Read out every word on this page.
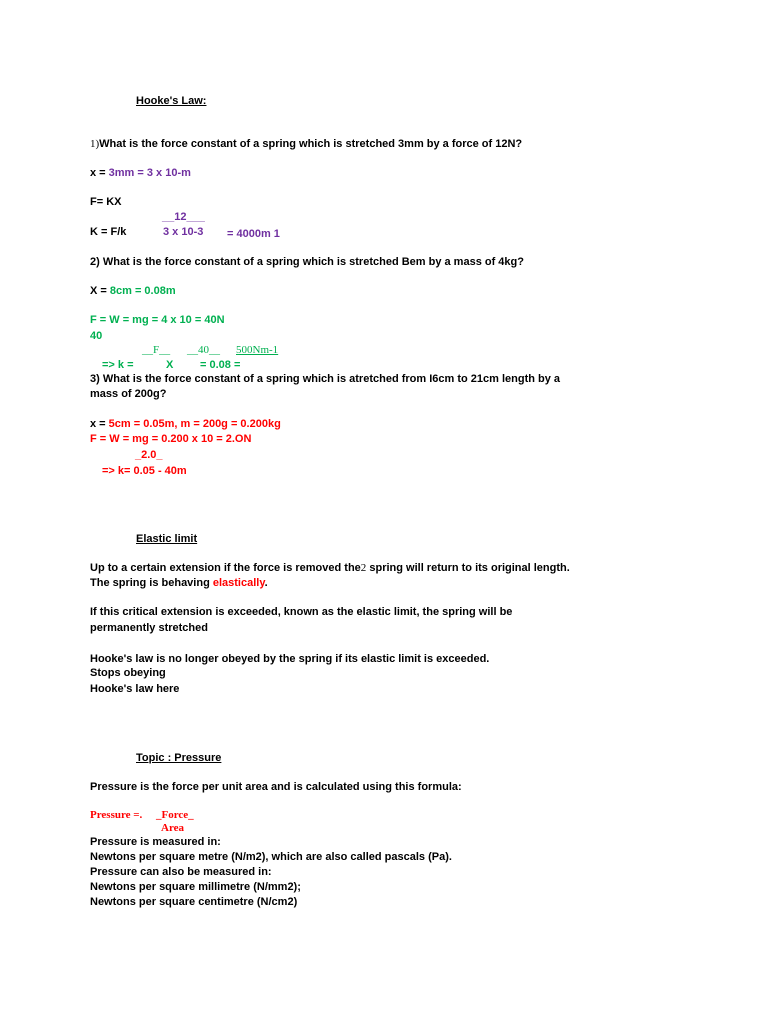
Hooke's Law:
1)What is the force constant of a spring which is stretched 3mm by a force of 12N?
x = 3mm = 3 x 10-m
F= KX
__12___
K = F/k	3 x 10-3 = 4000m 1
2) What is the force constant of a spring which is stretched Bem by a mass of 4kg?
X = 8cm = 0.08m
F = W = mg = 4 x 10 = 40N
40
__F__ __40__ 500Nm-1
=> k =	X = 0.08 =
3) What is the force constant of a spring which is atretched from I6cm to 21cm length by a
mass of 200g?
x = 5cm = 0.05m, m = 200g = 0.200kg
F = W = mg = 0.200 x 10 = 2.ON
_2.0_
=> k= 0.05 - 40m
Elastic limit
Up to a certain extension if the force is removed the2 spring will return to its original length.
The spring is behaving elastically.
If this critical extension is exceeded, known as the elastic limit, the spring will be
permanently stretched
Hooke's law is no longer obeyed by the spring if its elastic limit is exceeded.
Stops obeying
Hooke's law here
Topic : Pressure
Pressure is the force per unit area and is calculated using this formula:
Pressure =. _Force_
Area
Pressure is measured in:
Newtons per square metre (N/m2), which are also called pascals (Pa).
Pressure can also be measured in:
Newtons per square millimetre (N/mm2);
Newtons per square centimetre (N/cm2)
